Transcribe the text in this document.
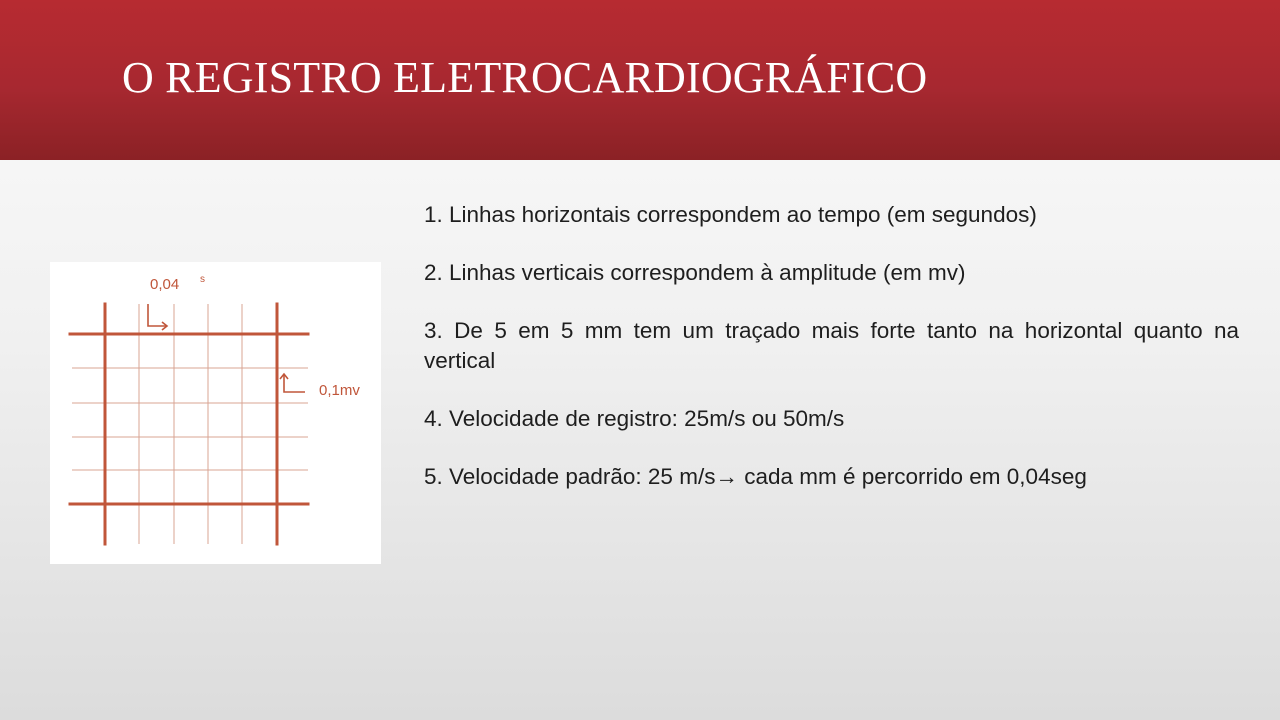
O REGISTRO ELETROCARDIOGRÁFICO
0,04 s
0,1mv
1. Linhas horizontais correspondem ao tempo (em segundos)
2. Linhas verticais correspondem à amplitude (em mv)
3. De 5 em 5 mm tem um traçado mais forte tanto na horizontal quanto na vertical
4. Velocidade de registro: 25m/s ou 50m/s
5. Velocidade padrão: 25 m/s→ cada mm é percorrido em 0,04seg
